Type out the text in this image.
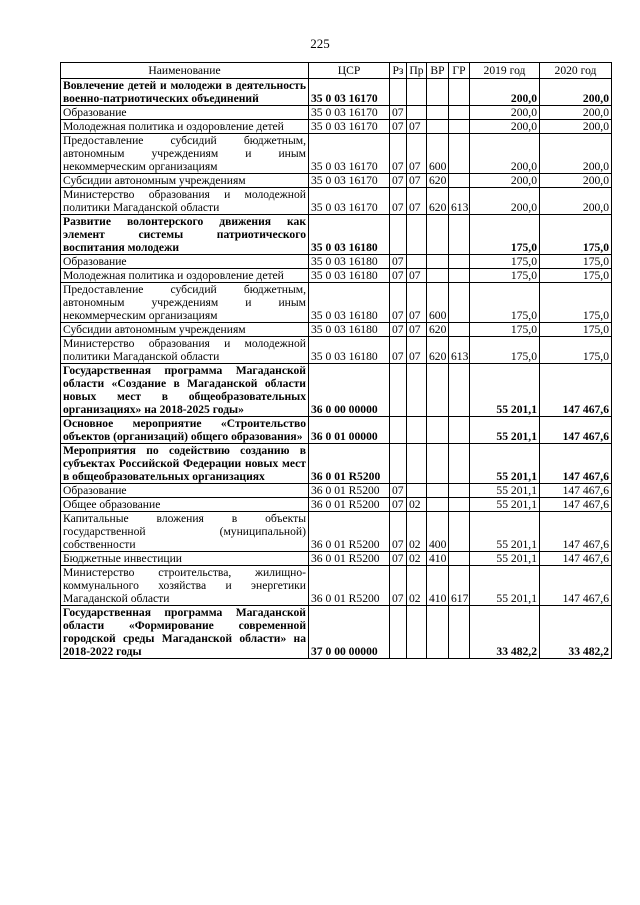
225
Наименование	ЦСР	Рз	Пр	ВР	ГР	2019 год	2020 год
Вовлечение детей и молодежи в деятельность военно-патриотических объединений	35 0 03 16170					200,0	200,0
Образование	35 0 03 16170	07				200,0	200,0
Молодежная политика и оздоровление детей	35 0 03 16170	07	07			200,0	200,0
Предоставление субсидий бюджетным, автономным учреждениям и иным некоммерческим организациям	35 0 03 16170	07	07	600		200,0	200,0
Субсидии автономным учреждениям	35 0 03 16170	07	07	620		200,0	200,0
Министерство образования и молодежной политики Магаданской области	35 0 03 16170	07	07	620	613	200,0	200,0
Развитие волонтерского движения как элемент системы патриотического воспитания молодежи	35 0 03 16180					175,0	175,0
Образование	35 0 03 16180	07				175,0	175,0
Молодежная политика и оздоровление детей	35 0 03 16180	07	07			175,0	175,0
Предоставление субсидий бюджетным, автономным учреждениям и иным некоммерческим организациям	35 0 03 16180	07	07	600		175,0	175,0
Субсидии автономным учреждениям	35 0 03 16180	07	07	620		175,0	175,0
Министерство образования и молодежной политики Магаданской области	35 0 03 16180	07	07	620	613	175,0	175,0
Государственная программа Магаданской области «Создание в Магаданской области новых мест в общеобразовательных организациях» на 2018-2025 годы»	36 0 00 00000					55 201,1	147 467,6
Основное мероприятие «Строительство объектов (организаций) общего образования»	36 0 01 00000					55 201,1	147 467,6
Мероприятия по содействию созданию в субъектах Российской Федерации новых мест в общеобразовательных организациях	36 0 01 R5200					55 201,1	147 467,6
Образование	36 0 01 R5200	07				55 201,1	147 467,6
Общее образование	36 0 01 R5200	07	02			55 201,1	147 467,6
Капитальные вложения в объекты государственной (муниципальной) собственности	36 0 01 R5200	07	02	400		55 201,1	147 467,6
Бюджетные инвестиции	36 0 01 R5200	07	02	410		55 201,1	147 467,6
Министерство строительства, жилищно-коммунального хозяйства и энергетики Магаданской области	36 0 01 R5200	07	02	410	617	55 201,1	147 467,6
Государственная программа Магаданской области «Формирование современной городской среды Магаданской области» на 2018-2022 годы	37 0 00 00000					33 482,2	33 482,2
